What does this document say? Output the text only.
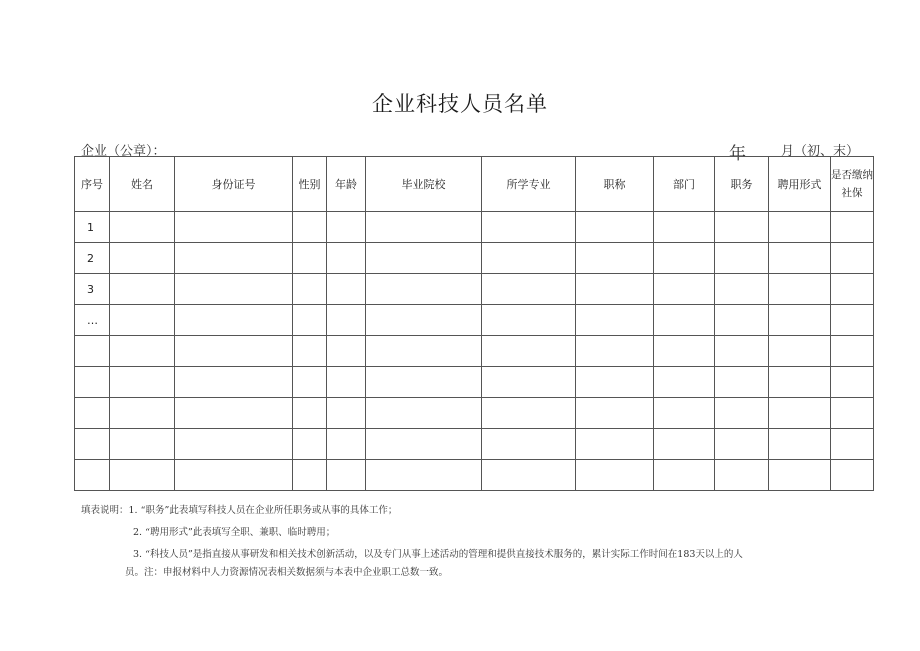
企业科技人员名单
企业（公章）：	年	月（初、末）
序号	姓名	身份证号	性别	年龄	毕业院校	所学专业	职称	部门	职务	聘用形式	是否缴纳社保
1											
2											
3											
…											

填表说明：1. “职务”此表填写科技人员在企业所任职务或从事的具体工作；
2. “聘用形式”此表填写全职、兼职、临时聘用；
3. “科技人员”是指直接从事研发和相关技术创新活动，以及专门从事上述活动的管理和提供直接技术服务的，累计实际工作时间在183天以上的人
员。注：申报材料中人力资源情况表相关数据须与本表中企业职工总数一致。
